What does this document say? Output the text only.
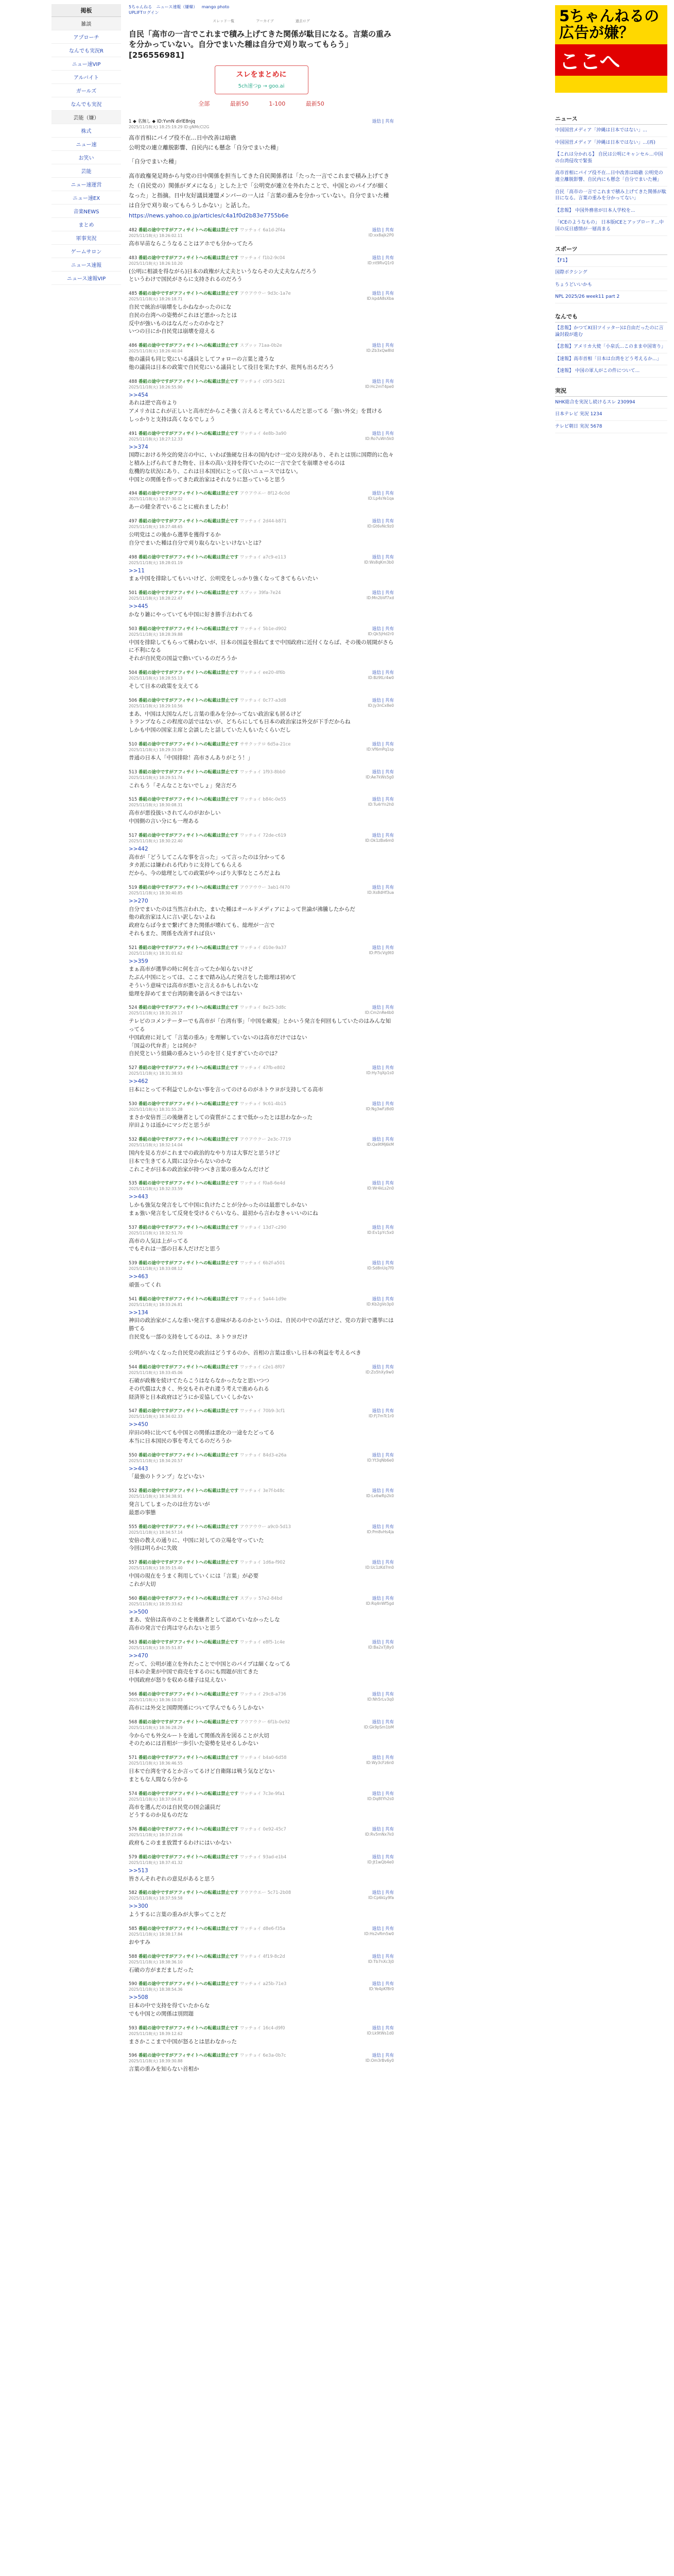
掲板
雑談
アプローチ
なんでも実況R
ニュー速VIP
アルバイト
ガールズ
なんでも実況
芸能（嫌）
株式
ニュー速
お笑い
芸能
ニュー速運営
ニュー速EX
音楽NEWS
まとめ
軍事実況
ゲームサロン
ニュース速報
ニュース速報VIP
5ちゃんねる ニュース速報（嫌韓） mango photo
UPLIFTログイン
スレッド一覧	アーカイブ	過去ログ
自民「高市の一言でこれまで積み上げてきた関係が駄目になる。言葉の重みを分かっていない。自分でまいた種は自分で刈り取ってもらう」[256556981]
スレをまとめに
5ch速つp → goo.ai
全部	最新50	1-100	最新50
1 ◆ 名無し ◆ ID:YvnN dirlE8njq	返信 | 共有
2025/11/18(火) 18:25:19.29 ID:gNMcCl2G
高市首相にパイプ役不在…日中改善は暗礁
公明党の連立離脱影響、自民内にも懸念「自分でまいた種」
「自分でまいた種」
高市政権発足時から与党の日中関係を担当してきた自民関係者は「たった一言でこれまで積み上げてきた（自民党の）関係がダメになる」とした上で「公明党が連立を外れたことで、中国とのパイプが細くなった」と指摘。日中友好議員連盟メンバーの一人は「言葉の重みを分かっていない。自分でまいた種は自分で刈り取ってもらうしかない」と話した。
https://news.yahoo.co.jp/articles/c4a1f0d2b83e7755b6e
482 番組の途中ですがアフィサイトへの転載は禁止です ワッチョイ 6a1d-2f4a	返信 | 共有
2025/11/18(火) 18:26:02.11	ID:xx8ajk2P0
高市早苗ならこうなることはアホでも分かってたろ
483 番組の途中ですがアフィサイトへの転載は禁止です ワッチョイ f1b2-9c04	返信 | 共有
2025/11/18(火) 18:26:10.20	ID:nt9RvQ1r0
(公明に相談を得ながら)日本の政権が大丈夫というならその大丈夫なんだろう
というわけで国民がさらに支持されるのだろう
485 番組の途中ですがアフィサイトへの転載は禁止です アウアウウー 9d3c-1a7e	返信 | 共有
2025/11/18(火) 18:26:18.71	ID:kpdA8sXba
自民で統治が崩壊をしかねなかったのにな
自民の台湾への姿勢がこれほど悪かったとは
反中が強いものはなんだったのかなと？
いつの日にか自民党は崩壊を迎える
486 番組の途中ですがアフィサイトへの転載は禁止です スプッッ 71aa-0b2e	返信 | 共有
2025/11/18(火) 18:26:40.04	ID:Zb3xQw8Id
他の議員も同じ党にいる議員としてフォローの言葉と違うな
他の議員は日本の政策で自民党にいる議員として役目を果たすが、批判も出るだろう
488 番組の途中ですがアフィサイトへの転載は禁止です ワッチョイ c0f3-5d21	返信 | 共有
2025/11/18(火) 18:26:55.90	ID:Hc2mT4pe0
>>454
あれは逆で高市より
アメリカはこれが正しいと高市だからこそ強く言えると考えているんだと思ってる「強い外交」を貫ける
しっかりと支持は高くなるでしょう
491 番組の途中ですがアフィサイトへの転載は禁止です ワッチョイ 4e8b-3a90	返信 | 共有
2025/11/18(火) 18:27:12.33	ID:Ro7uWn5k0
>>374
国際における外交的発言の中に、いわば強硬な日本の国内むけ一定の支持があり、それとは別に国際的に色々と積み上げられてきた物を、日本の高い支持を得ていたのに一言で全てを崩壊させるのは
危機的な状況にあり、これは日本国民にとって良いニュースではない。
中国との関係を作ってきた政治家はそれなりに怒っていると思う
494 番組の途中ですがアフィサイトへの転載は禁止です アウアウエー 8f12-6c0d	返信 | 共有
2025/11/18(火) 18:27:30.02	ID:Lp4sYe1qa
あーの健全者でいることに疲れましたわ！
497 番組の途中ですがアフィサイトへの転載は禁止です ワッチョイ 2d44-b871	返信 | 共有
2025/11/18(火) 18:27:48.65	ID:Gt6vNc9z0
公明党はこの後から選挙を獲得するか
自分でまいた種は自分で刈り取らないといけないとは？
498 番組の途中ですがアフィサイトへの転載は禁止です ワッチョイ a7c9-e113	返信 | 共有
2025/11/18(火) 18:28:01.19	ID:Ws8qKm3b0
>>11
まぁ中国を排除してもいいけど、公明党をしっかり強くなってきてもらいたい
501 番組の途中ですがアフィサイトへの転載は禁止です スプッッ 39fa-7e24	返信 | 共有
2025/11/18(火) 18:28:22.47	ID:Mn2bVf7xd
>>445
かなり雑にやっていても中国に好き勝手言われてる
503 番組の途中ですがアフィサイトへの転載は禁止です ワッチョイ 5b1e-d902	返信 | 共有
2025/11/18(火) 18:28:39.88	ID:Qk5jHd2r0
中国を排除してもらって構わないが、日本の国益を損ねてまで中国政府に近付くならば、その後の展開がさらに不利になる
それが自民党の国益で動いているのだろうか
504 番組の途中ですがアフィサイトへの転載は禁止です ワッチョイ ee20-4f6b	返信 | 共有
2025/11/18(火) 18:28:55.13	ID:Bz9tLr4w0
そして日本の政策を支えてる
506 番組の途中ですがアフィサイトへの転載は禁止です ワッチョイ 0c77-a3d8	返信 | 共有
2025/11/18(火) 18:29:10.56	ID:Jy3nCx8e0
まあ、中国は大国なんだし言葉の重みを分かってない政治家も居るけど
トランプならこの程度の話ではないが、どちらにしても日本の政治家は外交が下手だからね
しかも中国の国家主席と会談したと話していた人もいたくらいだし
510 番組の途中ですがアフィサイトへの転載は禁止です ササクッテロ 6d5a-21ce	返信 | 共有
2025/11/18(火) 18:29:33.09	ID:Vf6mPq1sp
普通の日本人「中国排除！高市さんありがとう！」
513 番組の途中ですがアフィサイトへの転載は禁止です ワッチョイ 1f93-8bb0	返信 | 共有
2025/11/18(火) 18:29:51.74	ID:Ae7kWs5g0
これもう「そんなことないでしょ」発言だろ
515 番組の途中ですがアフィサイトへの転載は禁止です ワッチョイ b84c-0e55	返信 | 共有
2025/11/18(火) 18:30:08.31	ID:Tu4rYn2h0
高市が悪役扱いされてんのがおかしい
中国側の言い分にも一理ある
517 番組の途中ですがアフィサイトへの転載は禁止です ワッチョイ 72de-c619	返信 | 共有
2025/11/18(火) 18:30:22.40	ID:Ok1zBx6m0
>>442
高市が「どうしてこんな事を言った」って言ったのは分かってる
タカ派には嫌われる代わりに支持してもらえる
だから、今の総理としての政策がやっぱり大事なところだよね
519 番組の途中ですがアフィサイトへの転載は禁止です アウアウウー 3ab1-f470	返信 | 共有
2025/11/18(火) 18:30:40.85	ID:Xs8dHf3ua
>>270
自分でまいたのは当然言われた、まいた種はオールドメディアによって世論が沸騰したからだ
他の政治家は人に言い訳しないよね
政府ならば今まで繋げてきた関係が壊れても、総理が一言で
それもまた、関係を改善すれば良い
521 番組の途中ですがアフィサイトへの転載は禁止です ワッチョイ d10e-9a37	返信 | 共有
2025/11/18(火) 18:31:01.62	ID:Pl5cVg9t0
>>359
まぁ高市が選挙の時に何を言ってたか知らないけど
たぶん中国にとっては、ここまで踏み込んだ発言をした総理は初めて
そういう意味では高市が悪いと言えるかもしれないな
総理を辞めてまで台湾防衛を語るべきではない
524 番組の途中ですがアフィサイトへの転載は禁止です ワッチョイ 8e25-3d8c	返信 | 共有
2025/11/18(火) 18:31:20.17	ID:Cm2nRe4b0
テレビのコメンテーターでも高市が「台湾有事」「中国を敵視」とかいう発言を何回もしていたのはみんな知ってる
中国政府に対して「言葉の重み」を理解していないのは高市だけではない
「国益の代弁者」とは何か？
自民党という組織の重みというのを甘く見すぎていたのでは？
527 番組の途中ですがアフィサイトへの転載は禁止です ワッチョイ 47fb-e802	返信 | 共有
2025/11/18(火) 18:31:38.93	ID:Hy7qXp1s0
>>462
日本にとって不利益でしかない事を言ってのけるのがネトウヨが支持してる高市
530 番組の途中ですがアフィサイトへの転載は禁止です ワッチョイ 9c61-4b15	返信 | 共有
2025/11/18(火) 18:31:55.28	ID:Ng3wFz8d0
まさか安倍晋三の後継者としての資質がここまで低かったとは思わなかった
岸田よりは遥かにマシだと思うが
532 番組の途中ですがアフィサイトへの転載は禁止です アウアウクー 2e3c-7719	返信 | 共有
2025/11/18(火) 18:32:14.04	ID:Qa9tMj6kM
国内を見る方がこれまでの政治的なやり方は大事だと思うけど
日本で生きてる人間には分からないのかな
これこそが日本の政治家が持つべき言葉の重みなんだけど
535 番組の途中ですがアフィサイトへの転載は禁止です ワッチョイ f0a8-6e4d	返信 | 共有
2025/11/18(火) 18:32:33.59	ID:Wr4kLs2n0
>>443
しかも強気な発言をして中国に負けたことが分かったのは最悪でしかない
まぁ強い発言をして反発を受けるぐらいなら、最初から言わなきゃいいのにね
537 番組の途中ですがアフィサイトへの転載は禁止です ワッチョイ 13d7-c290	返信 | 共有
2025/11/18(火) 18:32:51.70	ID:Ev1pYc5x0
高市の人気は上がってる
でもそれは一部の日本人だけだと思う
539 番組の途中ですがアフィサイトへの転載は禁止です ワッチョイ 6b2f-a501	返信 | 共有
2025/11/18(火) 18:33:08.12	ID:Sd8nUq7f0
>>463
頑張ってくれ
541 番組の途中ですがアフィサイトへの転載は禁止です ワッチョイ 5a44-1d9e	返信 | 共有
2025/11/18(火) 18:33:26.81	ID:Kb2gVo3p0
>>134
神田の政治家がこんな重い発言する意味があるのかというのは、自民の中での話だけど、党の方針で選挙には勝てる
自民党も一部の支持をしてるのは、ネトウヨだけ

公明がいなくなった自民党の政治はどうするのか、首相の言葉は重いし日本の利益を考えるべき
544 番組の途中ですがアフィサイトへの転載は禁止です ワッチョイ c2e1-8f07	返信 | 共有
2025/11/18(火) 18:33:45.06	ID:Zo5hXy9w0
石破が政権を続けてたらこうはならなかったなと思いつつ
その代償は大きく、外交もそれぞれ違う考えで進められる
経済界と日本政府はどうにか妥協していくしかない
547 番組の途中ですがアフィサイトへの転載は禁止です ワッチョイ 70b9-3cf1	返信 | 共有
2025/11/18(火) 18:34:02.33	ID:Fj7mTc1r0
>>450
岸田の時に比べても中国との関係は悪化の一途をたどってる
本当に日本国民の事を考えてるのだろうか
550 番組の途中ですがアフィサイトへの転載は禁止です ワッチョイ 84d3-e26a	返信 | 共有
2025/11/18(火) 18:34:20.57	ID:Yt3qNb6e0
>>443
「最強のトランプ」などいない
552 番組の途中ですがアフィサイトへの転載は禁止です ワッチョイ 3e7f-b48c	返信 | 共有
2025/11/18(火) 18:34:38.91	ID:Lx6wRp2k0
発言してしまったのは仕方ないが
最悪の事態
555 番組の途中ですがアフィサイトへの転載は禁止です アウアウウー a9c0-5d13	返信 | 共有
2025/11/18(火) 18:34:57.14	ID:Pm8vHs4ja
安倍の教えの通りに、中国に対しての立場を守っていた
今回は明らかに失敗
557 番組の途中ですがアフィサイトへの転載は禁止です ワッチョイ 1d6a-f902	返信 | 共有
2025/11/18(火) 18:35:15.40	ID:Uc1zKd7m0
中国の現在をうまく利用していくには「言葉」が必要
これが大切
560 番組の途中ですがアフィサイトへの転載は禁止です スプッッ 57e2-84bd	返信 | 共有
2025/11/18(火) 18:35:33.62	ID:Rq4nWf5gd
>>500
まあ、安倍は高市のことを後継者として認めていなかったしな
高市の発言で台湾は守られないと思う
563 番組の途中ですがアフィサイトへの転載は禁止です ワッチョイ e8f5-1c4e	返信 | 共有
2025/11/18(火) 18:35:51.87	ID:Ba2xTj8y0
>>470
だって、公明が連立を外れたことで中国とのパイプは細くなってる
日本の企業が中国で商売をするのにも問題が出てきた
中国政府が怒りを収める様子は見えない
566 番組の途中ですがアフィサイトへの転載は禁止です ワッチョイ 29c8-a736	返信 | 共有
2025/11/18(火) 18:36:10.03	ID:Nh5rLv3q0
高市には外交と国際関係について学んでもらうしかない

568 番組の途中ですがアフィサイトへの転載は禁止です アウアウクー 6f1b-0e92	返信 | 共有
2025/11/18(火) 18:36:28.29	ID:Gk9pSm1bM
今からでも外交ルートを通して関係改善を図ることが大切
そのためには首相が一歩引いた姿勢を見せるしかない
571 番組の途中ですがアフィサイトへの転載は禁止です ワッチョイ b4a0-6d58	返信 | 共有
2025/11/18(火) 18:36:46.55	ID:Wy3cFz6n0
日本で台湾を守るとか言ってるけど自衛隊は戦う気などない
まともな人間なら分かる
574 番組の途中ですがアフィサイトへの転載は禁止です ワッチョイ 7c3e-9fa1	返信 | 共有
2025/11/18(火) 18:37:04.81	ID:Dq8tYh2s0
高市を選んだのは自民党の国会議員だ
どうするのか見ものだな
576 番組の途中ですがアフィサイトへの転載は禁止です ワッチョイ 0e92-45c7	返信 | 共有
2025/11/18(火) 18:37:23.06	ID:Rv5mNx7k0
政府もこのまま放置するわけにはいかない
579 番組の途中ですがアフィサイトへの転載は禁止です ワッチョイ 93ad-e1b4	返信 | 共有
2025/11/18(火) 18:37:41.32	ID:Jt1wQb4e0
>>513
皆さんそれぞれの意見があると思う
582 番組の途中ですがアフィサイトへの転載は禁止です アウアウエー 5c71-2b08	返信 | 共有
2025/11/18(火) 18:37:59.58	ID:Cp6kLy9fa
>>300
ようするに言葉の重みが大事ってことだ
585 番組の途中ですがアフィサイトへの転載は禁止です ワッチョイ d8e6-f35a	返信 | 共有
2025/11/18(火) 18:38:17.84	ID:Hs2vRm5w0
おやすみ
588 番組の途中ですがアフィサイトへの転載は禁止です ワッチョイ 4f19-8c2d	返信 | 共有
2025/11/18(火) 18:38:36.10	ID:Tb7nXc3j0
石破の方がまだましだった
590 番組の途中ですがアフィサイトへの転載は禁止です ワッチョイ a25b-71e3	返信 | 共有
2025/11/18(火) 18:38:54.36	ID:Ye4pKf8r0
>>508
日本の中で支持を得ていたからな
でも中国との関係は別問題
593 番組の途中ですがアフィサイトへの転載は禁止です ワッチョイ 16c4-d9f0	返信 | 共有
2025/11/18(火) 18:39:12.62	ID:Lk9tWs1d0
まさかここまで中国が怒るとは思わなかった
596 番組の途中ですがアフィサイトへの転載は禁止です ワッチョイ 6e3a-0b7c	返信 | 共有
2025/11/18(火) 18:39:30.88	ID:Om3rBv6y0
言葉の重みを知らない首相か
5ちゃんねるの
広告が嫌？
ここへ
ニュース
中国国営メディア「沖縄は日本ではない」...
中国国営メディア「沖縄は日本ではない」...(再)
【これは分かれる】 自民は公明にキャンセル...中国の台湾侵攻で緊張
高市首相にパイプ役不在…日中改善は暗礁 公明党の連立離脱影響、自民内にも懸念「自分でまいた種」
自民「高市の一言でこれまで積み上げてきた関係が駄目になる。言葉の重みを分かってない」
【悲報】 中国外務省が日本人学校を...
「ICEのようなもの」 日本版ICEとアップロード...中国の反日感情が一層高まる
スポーツ
【F1】
国際ボクシング
ちょうどいいかも
NPL 2025/26 week11 part 2
なんでも
【悲報】かつてX(旧ツイッター)は自由だったのに言論封殺が進む
【悲報】アメリカ大使「小泉氏...このまま中国寄り」
【速報】高市首相「日本は台湾をどう考えるか...」
【速報】 中国の軍人がこの件について...
実況
NHK総合を実況し続けるスレ 230994
日本テレビ 実況 1234
テレビ朝日 実況 5678
